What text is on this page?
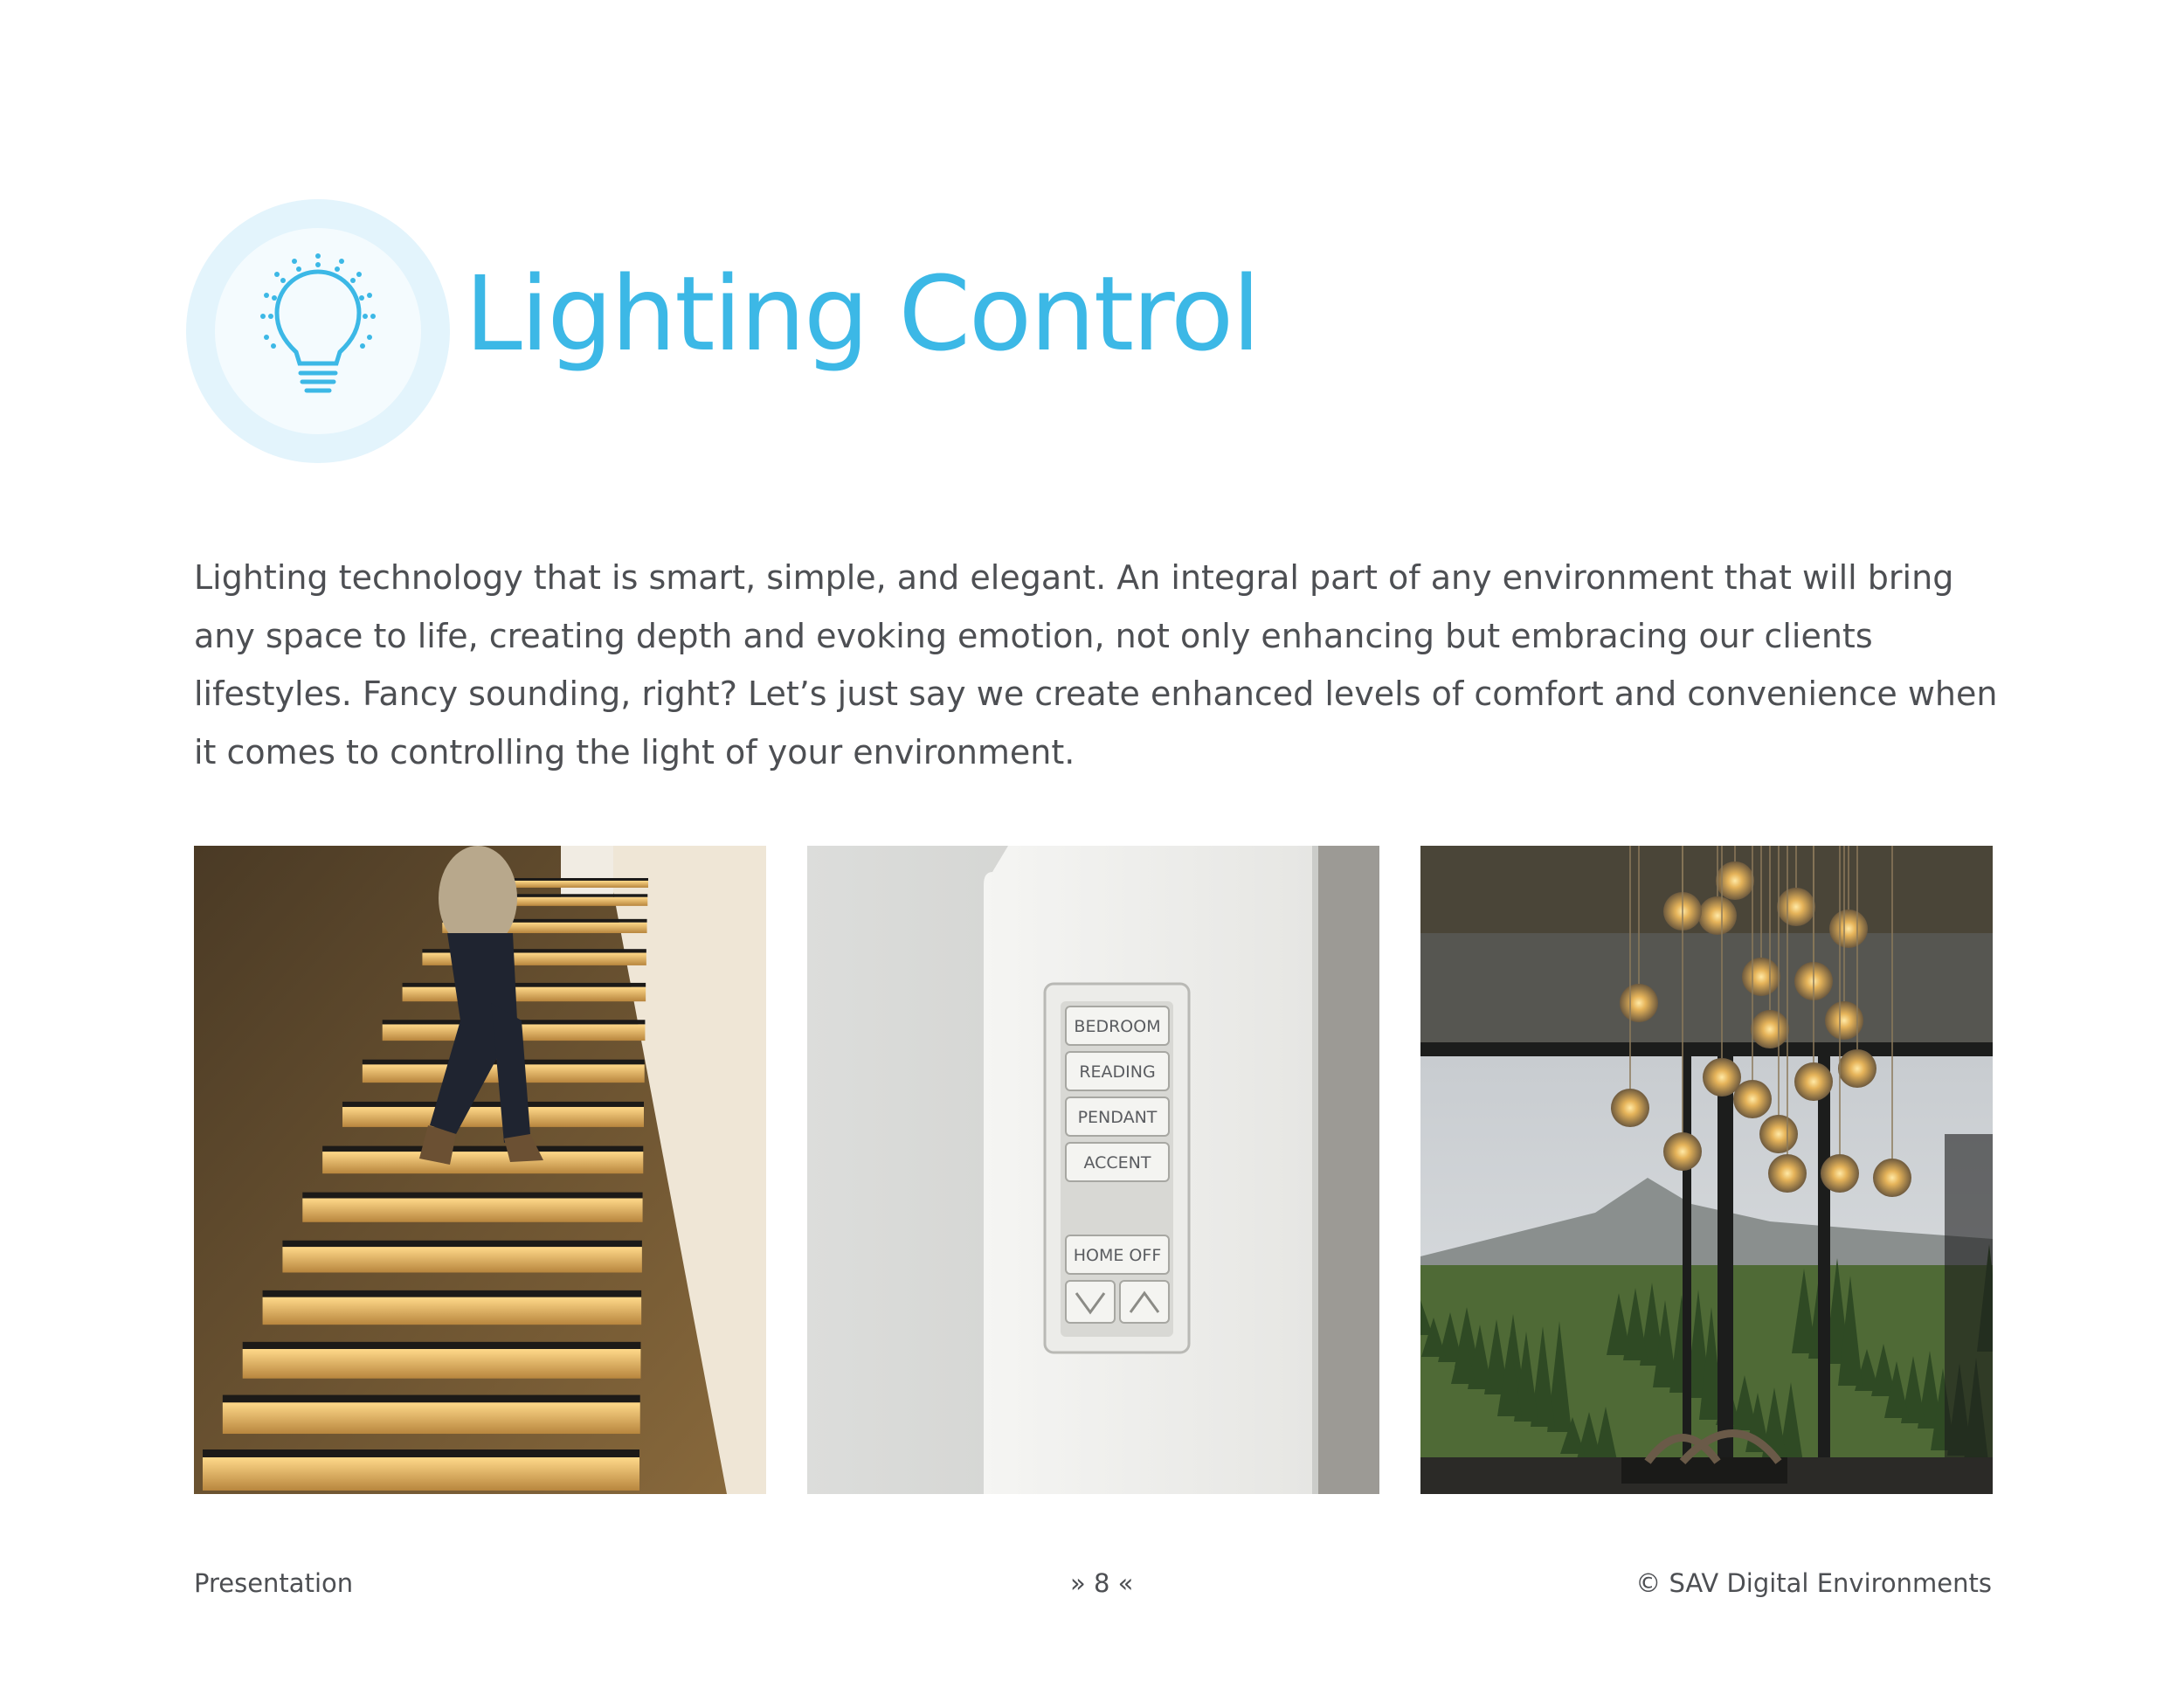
Lighting Control

Lighting technology that is smart, simple, and elegant. An integral part of any environment that will bring any space to life, creating depth and evoking emotion, not only enhancing but embracing our clients lifestyles. Fancy sounding, right? Let’s just say we create enhanced levels of comfort and convenience when it comes to controlling the light of your environment.

BEDROOM
READING
PENDANT
ACCENT
HOME OFF
Presentation	» 8 «	© SAV Digital Environments
